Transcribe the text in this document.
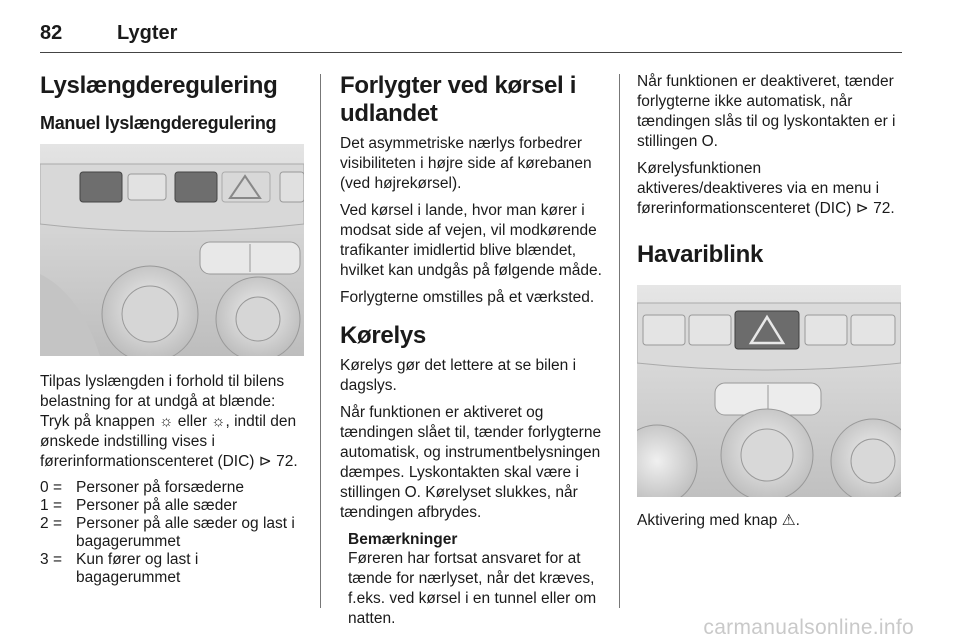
82	Lygter
Lyslængderegulering
Manuel lyslængderegulering

Tilpas lyslængden i forhold til bilens belastning for at undgå at blænde: Tryk på knappen ☼ eller ☼, indtil den ønskede indstilling vises i førerinformationscenteret (DIC) ⊳ 72.

0 = Personer på forsæderne
1 = Personer på alle sæder
2 = Personer på alle sæder og last i bagagerummet
3 = Kun fører og last i bagagerummet
Forlygter ved kørsel i udlandet

Det asymmetriske nærlys forbedrer visibiliteten i højre side af kørebanen (ved højrekørsel).

Ved kørsel i lande, hvor man kører i modsat side af vejen, vil modkørende trafikanter imidlertid blive blændet, hvilket kan undgås på følgende måde.

Forlygterne omstilles på et værksted.

Kørelys

Kørelys gør det lettere at se bilen i dagslys.

Når funktionen er aktiveret og tændingen slået til, tænder forlygterne automatisk, og instrumentbelysningen dæmpes. Lyskontakten skal være i stillingen O. Kørelyset slukkes, når tændingen afbrydes.

Bemærkninger

Føreren har fortsat ansvaret for at tænde for nærlyset, når det kræves, f.eks. ved kørsel i en tunnel eller om natten.

Når funktionen er deaktiveret, tænder forlygterne ikke automatisk, når tændingen slås til og lyskontakten er i stillingen O.

Kørelysfunktionen aktiveres/deaktiveres via en menu i førerinformationscenteret (DIC) ⊳ 72.

Havariblink

Aktivering med knap ⚠.

carmanualsonline.info
